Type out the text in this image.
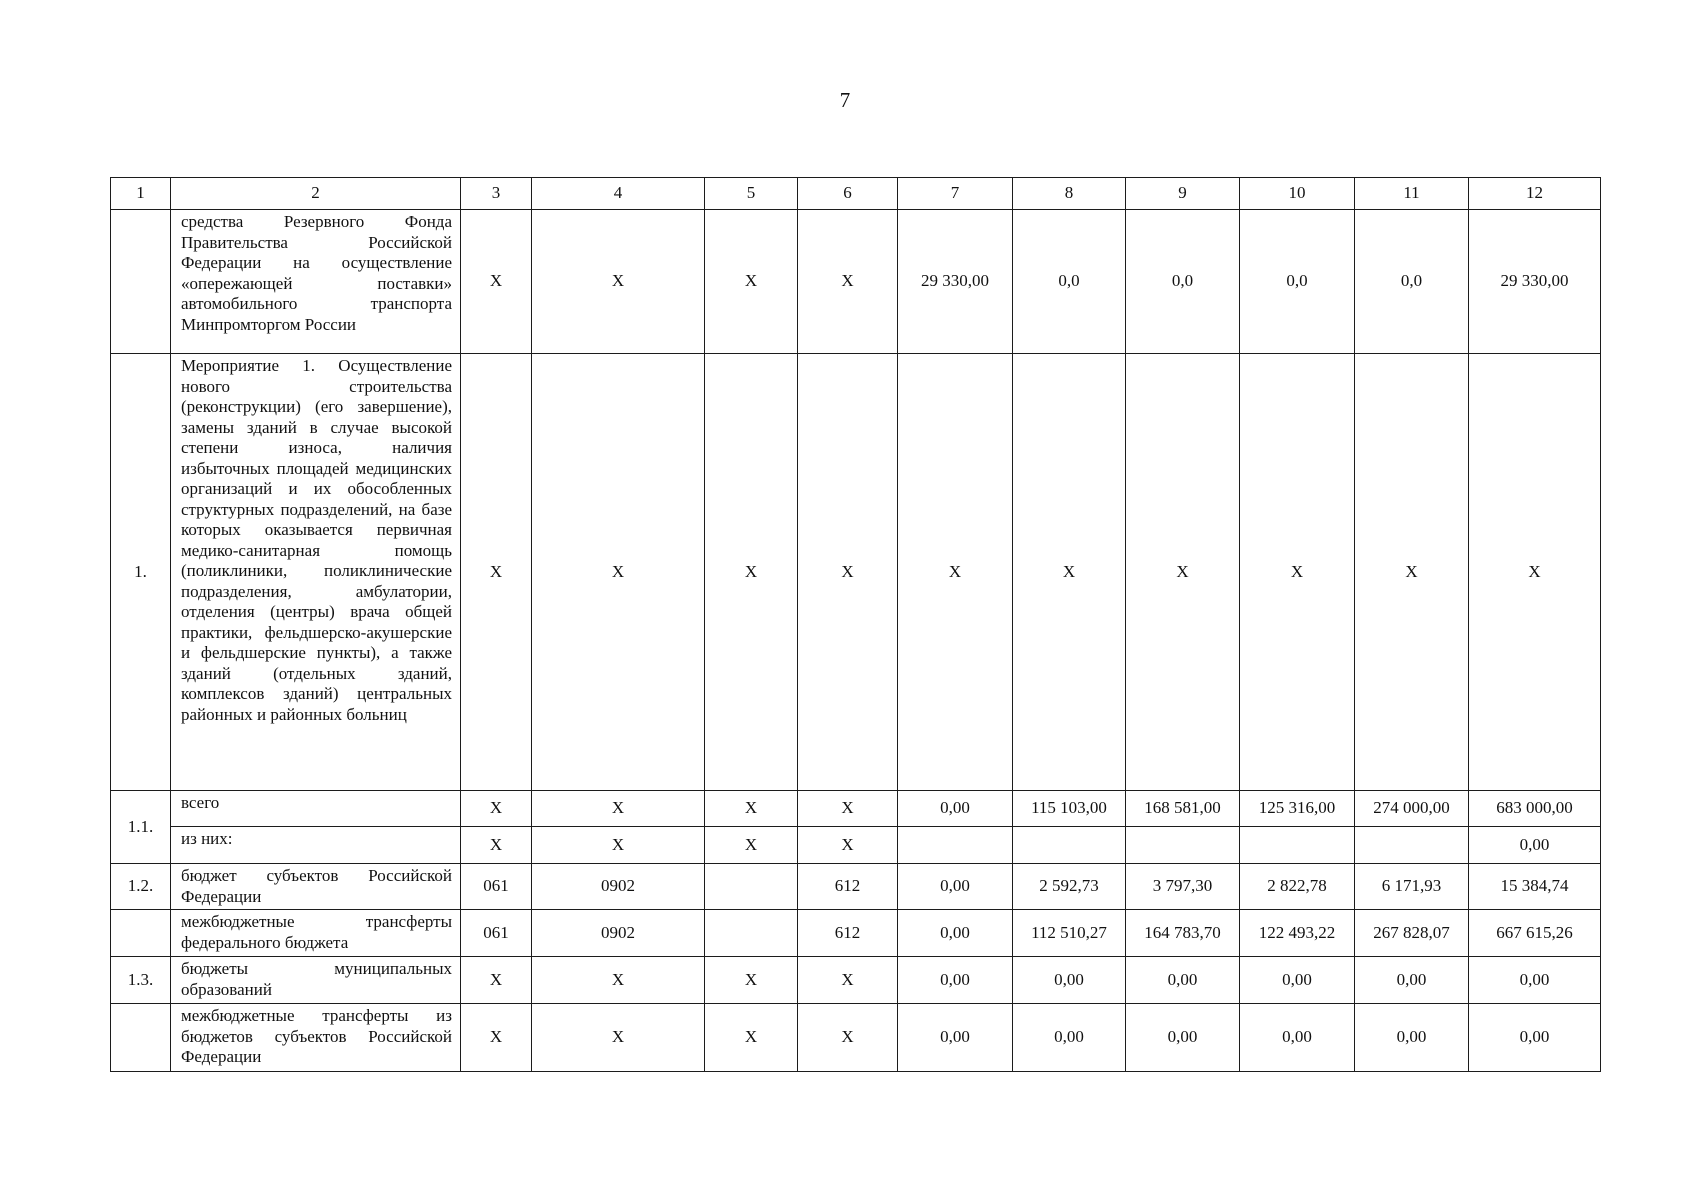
7
1	2	3	4	5	6	7	8	9	10	11	12
	средства Резервного Фонда Правительства Российской Федерации на осуществление «опережающей поставки» автомобильного транспорта Минпромторгом России	Х	Х	Х	Х	29 330,00	0,0	0,0	0,0	0,0	29 330,00
1.	Мероприятие 1. Осуществление нового строительства (реконструкции) (его завершение), замены зданий в случае высокой степени износа, наличия избыточных площадей медицинских организаций и их обособленных структурных подразделений, на базе которых оказывается первичная медико-санитарная помощь (поликлиники, поликлинические подразделения, амбулатории, отделения (центры) врача общей практики, фельдшерско-акушерские и фельдшерские пункты), а также зданий (отдельных зданий, комплексов зданий) центральных районных и районных больниц	Х	Х	Х	Х	Х	Х	Х	Х	Х	Х
1.1.	всего	Х	Х	Х	Х	0,00	115 103,00	168 581,00	125 316,00	274 000,00	683 000,00
	из них:	Х	Х	Х	Х						0,00
1.2.	бюджет субъектов Российской Федерации	061	0902		612	0,00	2 592,73	3 797,30	2 822,78	6 171,93	15 384,74
	межбюджетные трансферты федерального бюджета	061	0902		612	0,00	112 510,27	164 783,70	122 493,22	267 828,07	667 615,26
1.3.	бюджеты муниципальных образований	Х	Х	Х	Х	0,00	0,00	0,00	0,00	0,00	0,00
	межбюджетные трансферты из бюджетов субъектов Российской Федерации	Х	Х	Х	Х	0,00	0,00	0,00	0,00	0,00	0,00
